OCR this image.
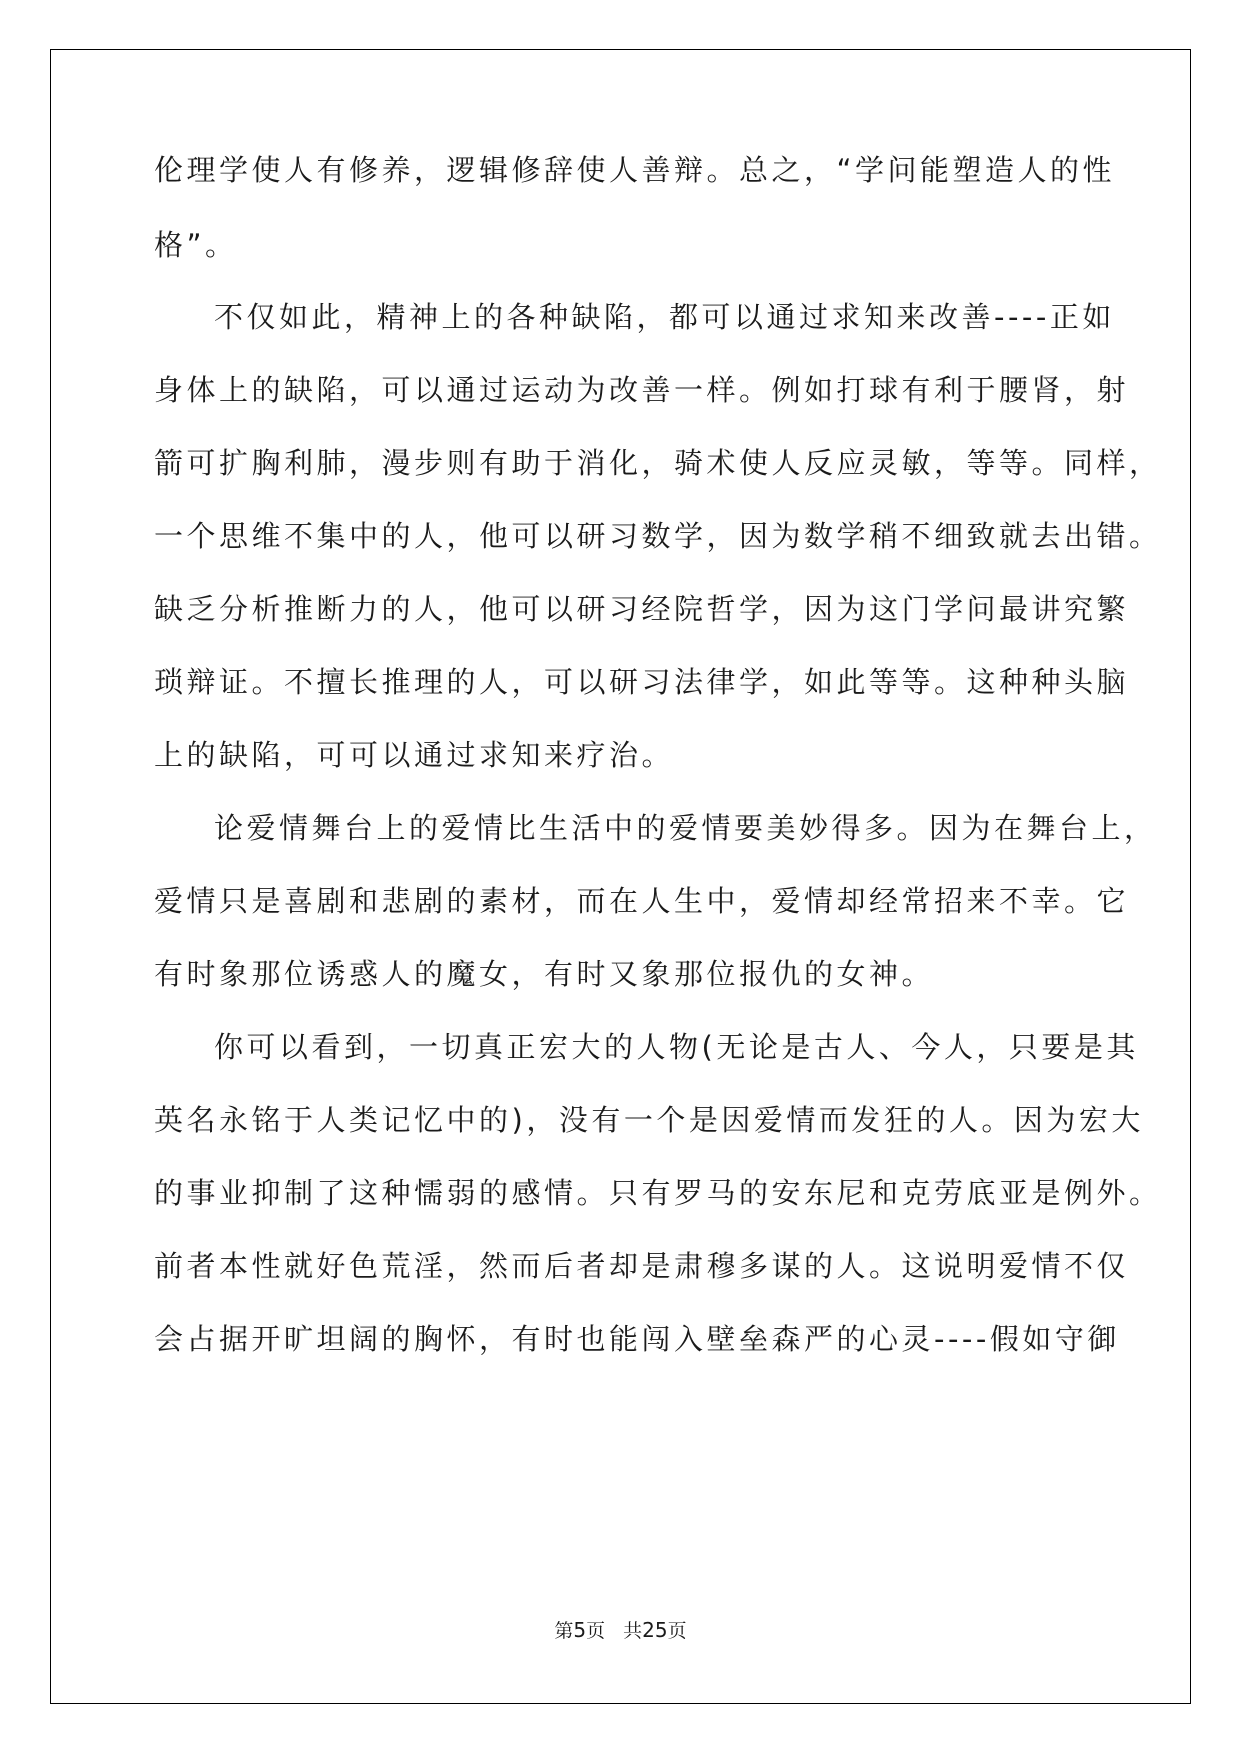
伦理学使人有修养，逻辑修辞使人善辩。总之，“学问能塑造人的性
格”。
不仅如此，精神上的各种缺陷，都可以通过求知来改善----正如
身体上的缺陷，可以通过运动为改善一样。例如打球有利于腰肾，射
箭可扩胸利肺，漫步则有助于消化，骑术使人反应灵敏，等等。同样，
一个思维不集中的人，他可以研习数学，因为数学稍不细致就去出错。
缺乏分析推断力的人，他可以研习经院哲学，因为这门学问最讲究繁
琐辩证。不擅长推理的人，可以研习法律学，如此等等。这种种头脑
上的缺陷，可可以通过求知来疗治。
论爱情舞台上的爱情比生活中的爱情要美妙得多。因为在舞台上，
爱情只是喜剧和悲剧的素材，而在人生中，爱情却经常招来不幸。它
有时象那位诱惑人的魔女，有时又象那位报仇的女神。
你可以看到，一切真正宏大的人物(无论是古人、今人，只要是其
英名永铭于人类记忆中的)，没有一个是因爱情而发狂的人。因为宏大
的事业抑制了这种懦弱的感情。只有罗马的安东尼和克劳底亚是例外。
前者本性就好色荒淫，然而后者却是肃穆多谋的人。这说明爱情不仅
会占据开旷坦阔的胸怀，有时也能闯入壁垒森严的心灵----假如守御
第5页 共25页
